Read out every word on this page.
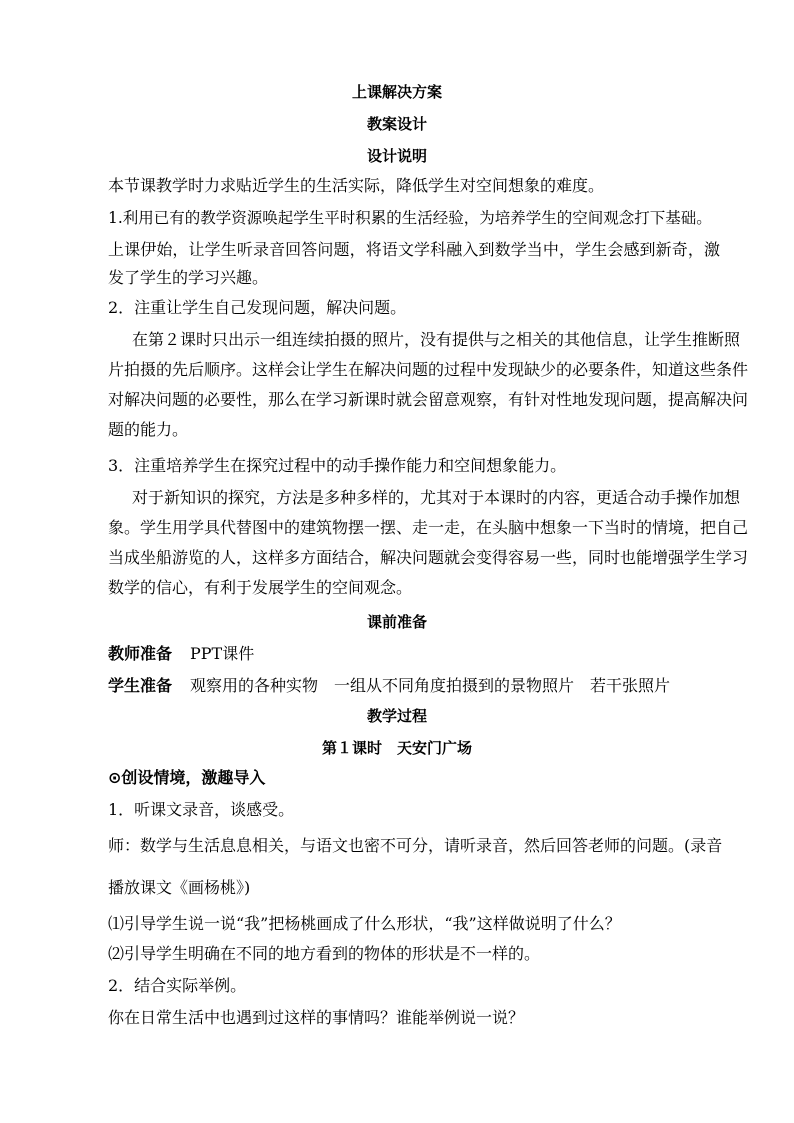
上课解决方案
教案设计
设计说明
本节课教学时力求贴近学生的生活实际，降低学生对空间想象的难度。
1.利用已有的教学资源唤起学生平时积累的生活经验，为培养学生的空间观念打下基础。
上课伊始，让学生听录音回答问题，将语文学科融入到数学当中，学生会感到新奇，激
发了学生的学习兴趣。
2．注重让学生自己发现问题，解决问题。
在第２课时只出示一组连续拍摄的照片，没有提供与之相关的其他信息，让学生推断照
片拍摄的先后顺序。这样会让学生在解决问题的过程中发现缺少的必要条件，知道这些条件
对解决问题的必要性，那么在学习新课时就会留意观察，有针对性地发现问题，提高解决问
题的能力。
3．注重培养学生在探究过程中的动手操作能力和空间想象能力。
对于新知识的探究，方法是多种多样的，尤其对于本课时的内容，更适合动手操作加想
象。学生用学具代替图中的建筑物摆一摆、走一走，在头脑中想象一下当时的情境，把自己
当成坐船游览的人，这样多方面结合，解决问题就会变得容易一些，同时也能增强学生学习
数学的信心，有利于发展学生的空间观念。
课前准备
教师准备 PPT课件
学生准备 观察用的各种实物　一组从不同角度拍摄到的景物照片　若干张照片
教学过程
第１课时　天安门广场
⊙创设情境，激趣导入
1．听课文录音，谈感受。
师：数学与生活息息相关，与语文也密不可分，请听录音，然后回答老师的问题。(录音
播放课文《画杨桃》)
⑴引导学生说一说“我”把杨桃画成了什么形状，“我”这样做说明了什么？
⑵引导学生明确在不同的地方看到的物体的形状是不一样的。
2．结合实际举例。
你在日常生活中也遇到过这样的事情吗？谁能举例说一说？
